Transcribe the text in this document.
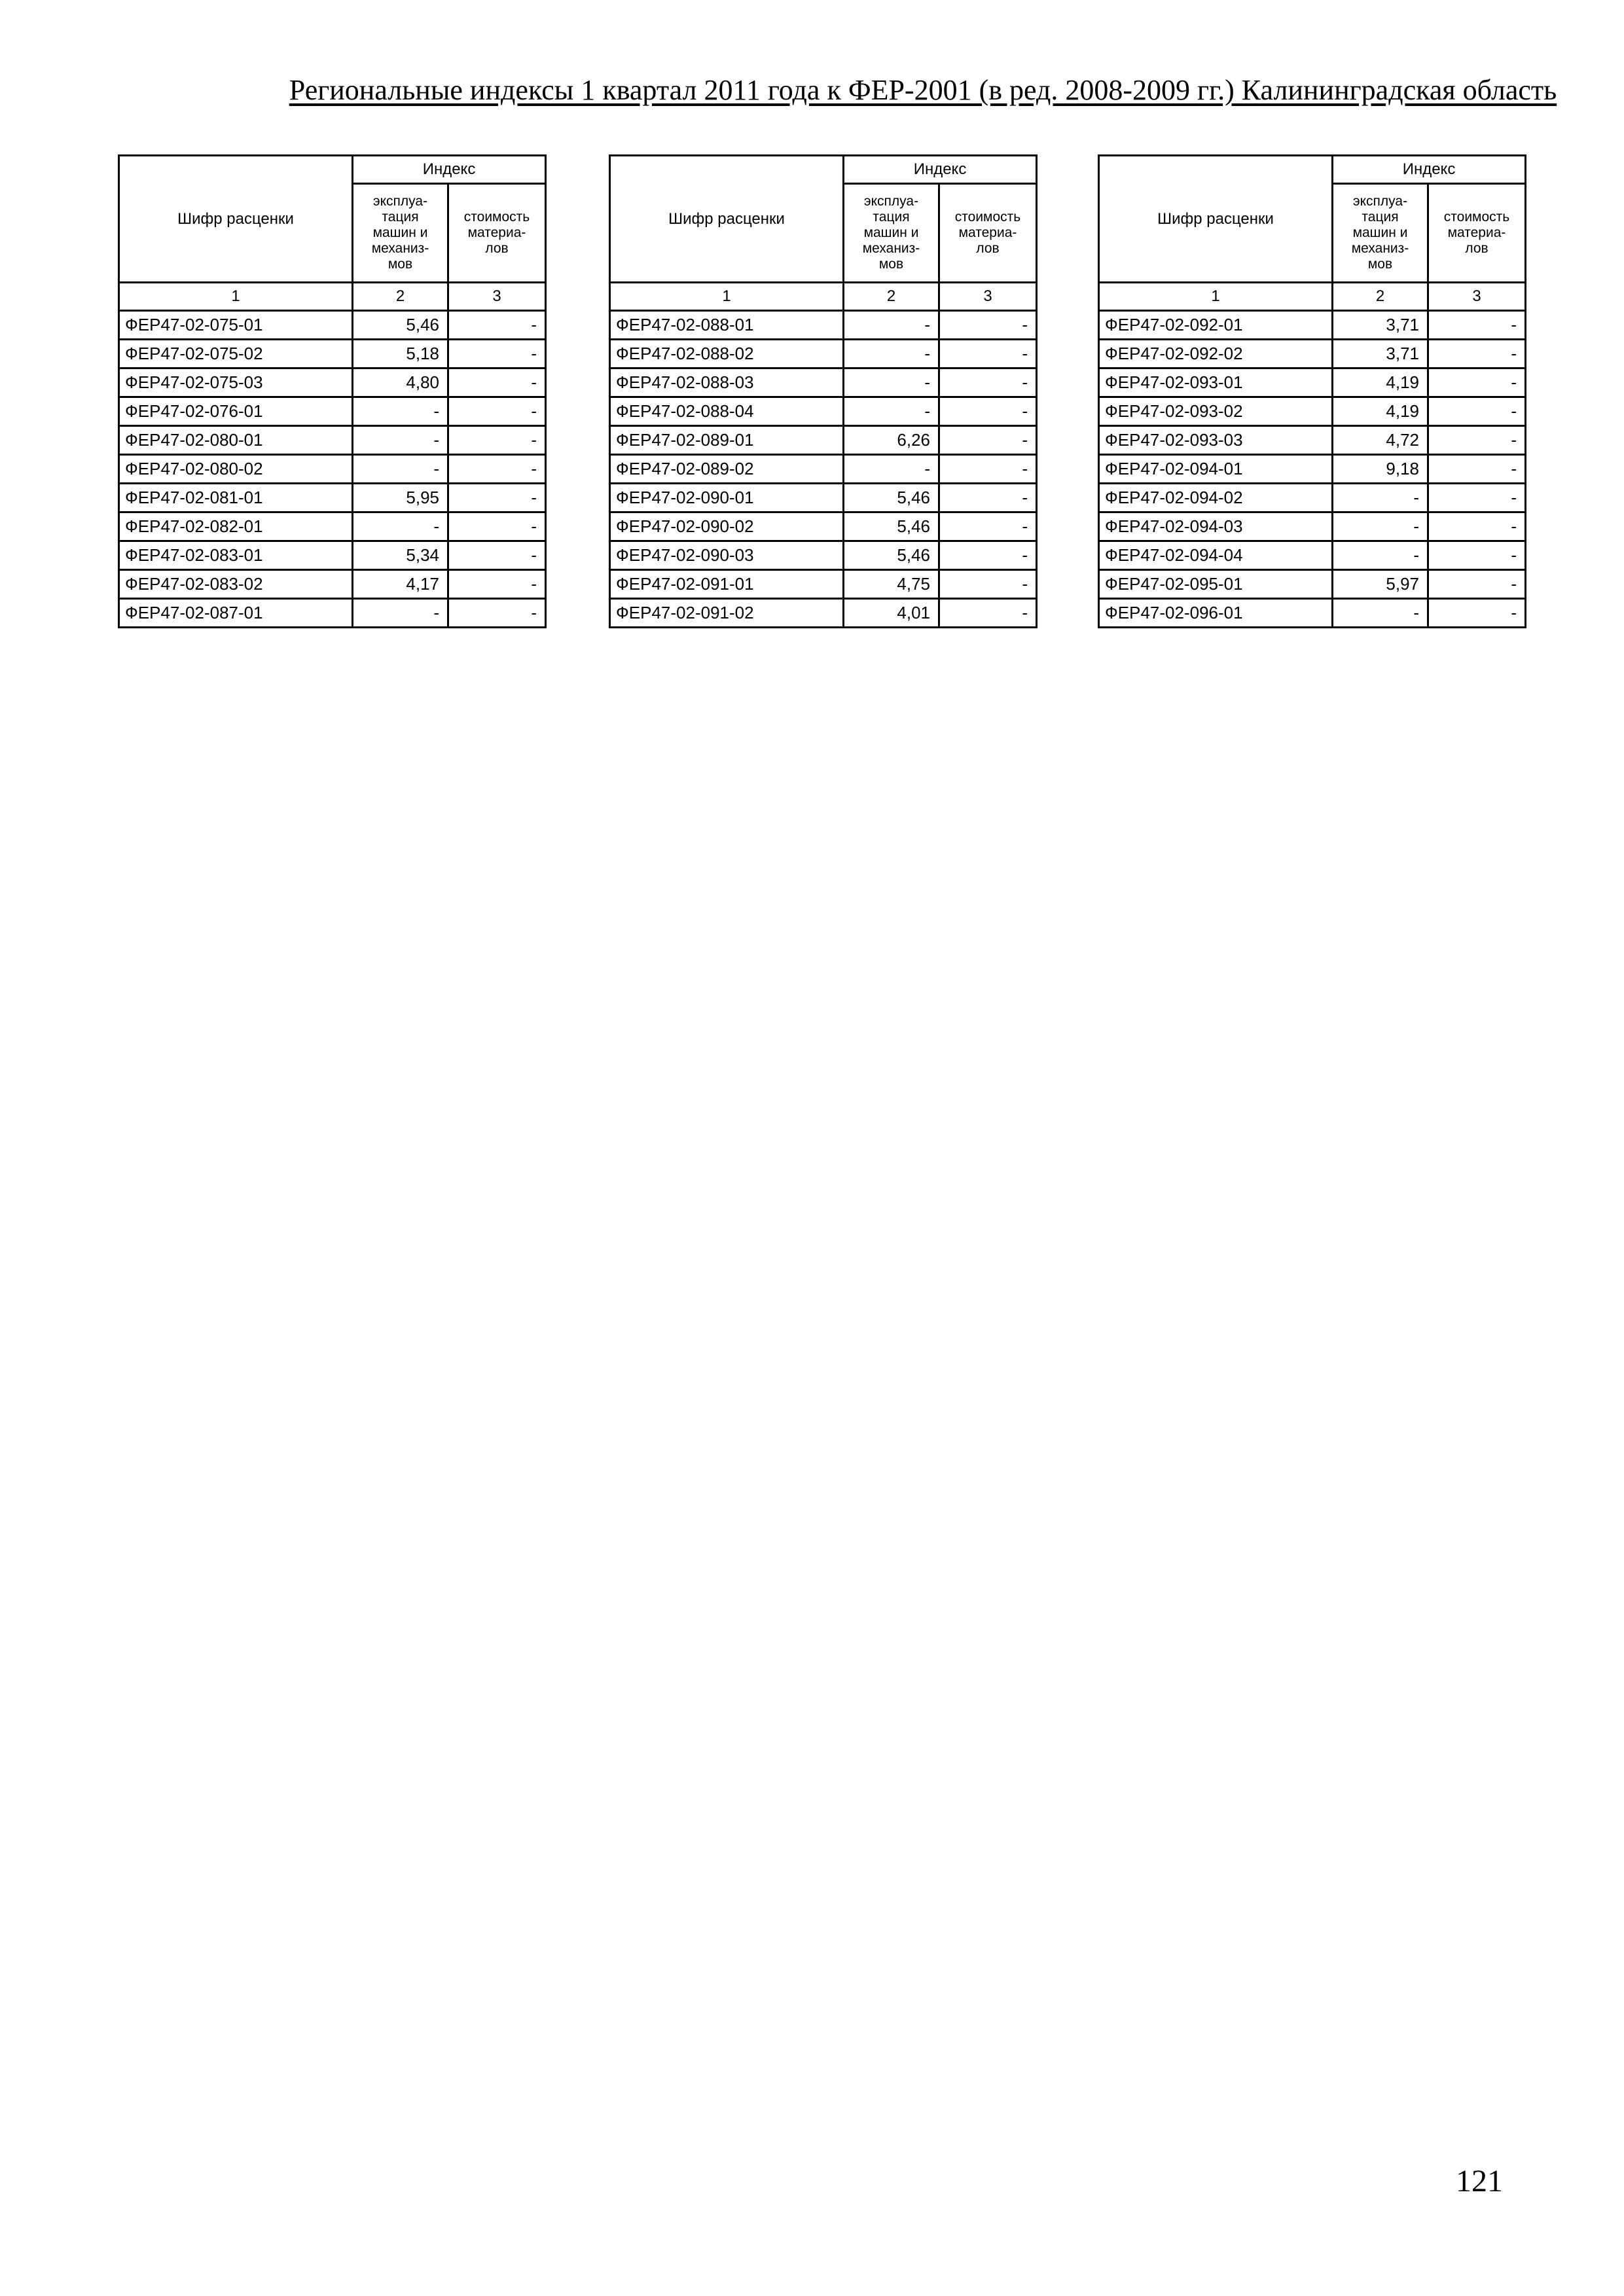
Региональные индексы 1 квартал 2011 года к ФЕР-2001 (в ред. 2008-2009 гг.) Калининградская область
Шифр расценки	Индекс	
	эксплуа-
тация
машин и
механиз-
мов	стоимость
материа-
лов
1	2	3
ФЕР47-02-075-01	5,46	-
ФЕР47-02-075-02	5,18	-
ФЕР47-02-075-03	4,80	-
ФЕР47-02-076-01	-	-
ФЕР47-02-080-01	-	-
ФЕР47-02-080-02	-	-
ФЕР47-02-081-01	5,95	-
ФЕР47-02-082-01	-	-
ФЕР47-02-083-01	5,34	-
ФЕР47-02-083-02	4,17	-
ФЕР47-02-087-01	-	-
Шифр расценки	Индекс	
	эксплуа-
тация
машин и
механиз-
мов	стоимость
материа-
лов
1	2	3
ФЕР47-02-088-01	-	-
ФЕР47-02-088-02	-	-
ФЕР47-02-088-03	-	-
ФЕР47-02-088-04	-	-
ФЕР47-02-089-01	6,26	-
ФЕР47-02-089-02	-	-
ФЕР47-02-090-01	5,46	-
ФЕР47-02-090-02	5,46	-
ФЕР47-02-090-03	5,46	-
ФЕР47-02-091-01	4,75	-
ФЕР47-02-091-02	4,01	-
Шифр расценки	Индекс	
	эксплуа-
тация
машин и
механиз-
мов	стоимость
материа-
лов
1	2	3
ФЕР47-02-092-01	3,71	-
ФЕР47-02-092-02	3,71	-
ФЕР47-02-093-01	4,19	-
ФЕР47-02-093-02	4,19	-
ФЕР47-02-093-03	4,72	-
ФЕР47-02-094-01	9,18	-
ФЕР47-02-094-02	-	-
ФЕР47-02-094-03	-	-
ФЕР47-02-094-04	-	-
ФЕР47-02-095-01	5,97	-
ФЕР47-02-096-01	-	-
121
